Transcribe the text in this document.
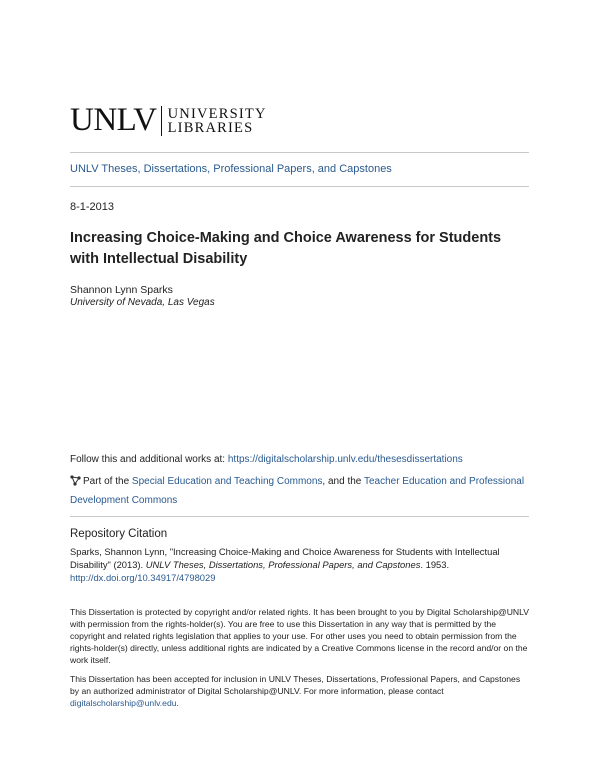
UNLV UNIVERSITY
LIBRARIES
UNLV Theses, Dissertations, Professional Papers, and Capstones
8-1-2013
Increasing Choice-Making and Choice Awareness for Students with Intellectual Disability
Shannon Lynn Sparks
University of Nevada, Las Vegas
Follow this and additional works at: https://digitalscholarship.unlv.edu/thesesdissertations
Part of the Special Education and Teaching Commons, and the Teacher Education and Professional Development Commons
Repository Citation
Sparks, Shannon Lynn, "Increasing Choice-Making and Choice Awareness for Students with Intellectual Disability" (2013). UNLV Theses, Dissertations, Professional Papers, and Capstones. 1953.
http://dx.doi.org/10.34917/4798029
This Dissertation is protected by copyright and/or related rights. It has been brought to you by Digital Scholarship@UNLV with permission from the rights-holder(s). You are free to use this Dissertation in any way that is permitted by the copyright and related rights legislation that applies to your use. For other uses you need to obtain permission from the rights-holder(s) directly, unless additional rights are indicated by a Creative Commons license in the record and/or on the work itself.
This Dissertation has been accepted for inclusion in UNLV Theses, Dissertations, Professional Papers, and Capstones by an authorized administrator of Digital Scholarship@UNLV. For more information, please contact digitalscholarship@unlv.edu.
